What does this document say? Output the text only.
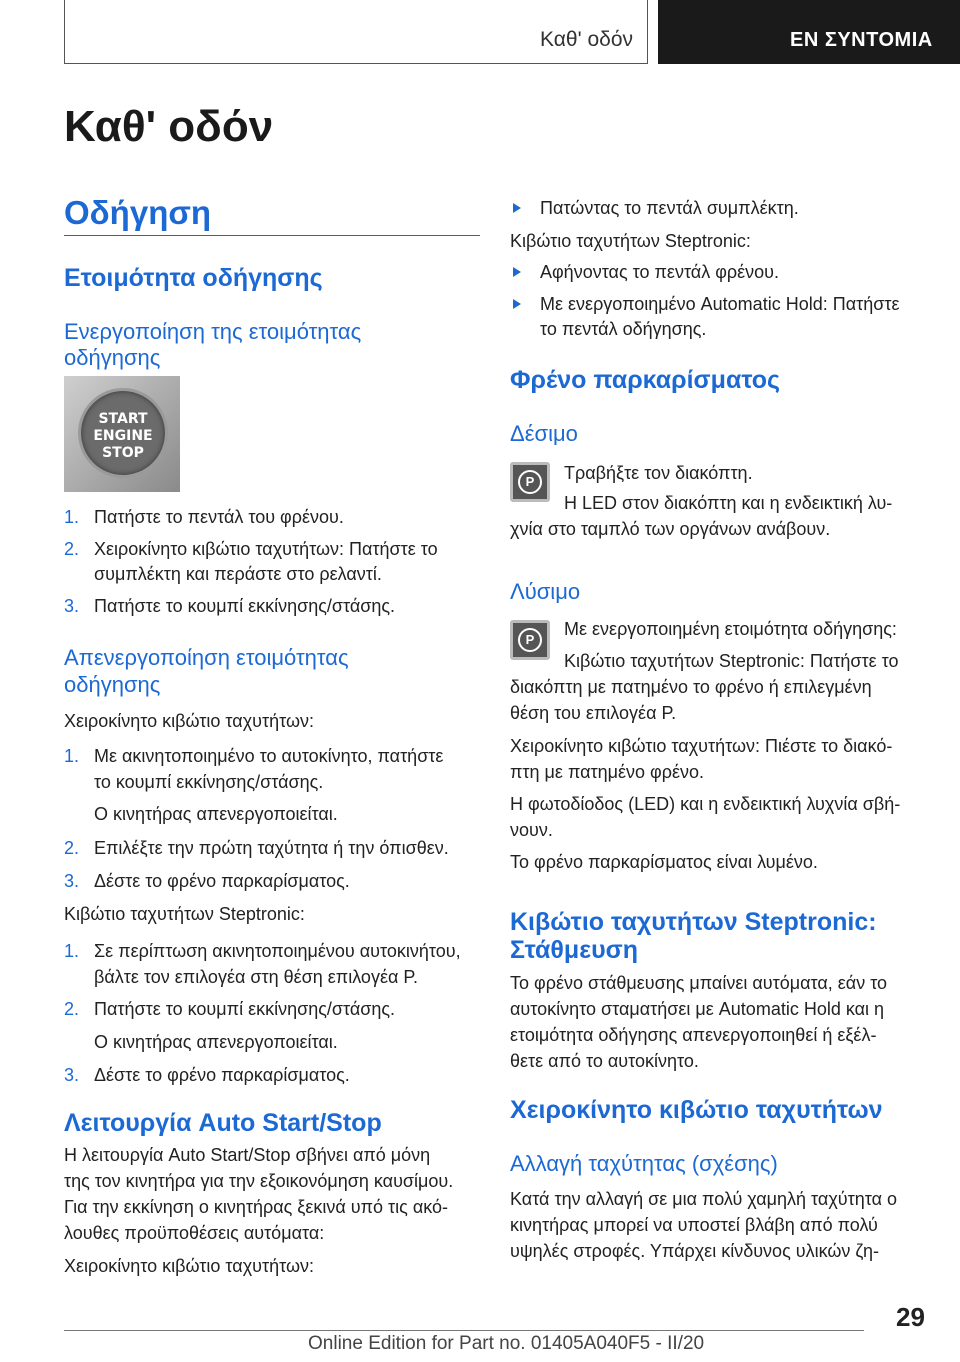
Καθ' οδόν	ΕΝ ΣΥΝΤΟΜΙΑ
Καθ' οδόν
Οδήγηση
Ετοιμότητα οδήγησης
Ενεργοποίηση της ετοιμότητας
οδήγησης
START
ENGINE
STOP
1. Πατήστε το πεντάλ του φρένου.
2. Χειροκίνητο κιβώτιο ταχυτήτων: Πατήστε το
συμπλέκτη και περάστε στο ρελαντί.
3. Πατήστε το κουμπί εκκίνησης/στάσης.
Απενεργοποίηση ετοιμότητας
οδήγησης
Χειροκίνητο κιβώτιο ταχυτήτων:
1. Με ακινητοποιημένο το αυτοκίνητο, πατήστε
το κουμπί εκκίνησης/στάσης.
Ο κινητήρας απενεργοποιείται.
2. Επιλέξτε την πρώτη ταχύτητα ή την όπισθεν.
3. Δέστε το φρένο παρκαρίσματος.
Κιβώτιο ταχυτήτων Steptronic:
1. Σε περίπτωση ακινητοποιημένου αυτοκινήτου,
βάλτε τον επιλογέα στη θέση επιλογέα P.
2. Πατήστε το κουμπί εκκίνησης/στάσης.
Ο κινητήρας απενεργοποιείται.
3. Δέστε το φρένο παρκαρίσματος.
Λειτουργία Auto Start/Stop
Η λειτουργία Auto Start/Stop σβήνει από μόνη
της τον κινητήρα για την εξοικονόμηση καυσίμου.
Για την εκκίνηση ο κινητήρας ξεκινά υπό τις ακό-
λουθες προϋποθέσεις αυτόματα:
Χειροκίνητο κιβώτιο ταχυτήτων:
Πατώντας το πεντάλ συμπλέκτη.
Κιβώτιο ταχυτήτων Steptronic:
Αφήνοντας το πεντάλ φρένου.
Με ενεργοποιημένο Automatic Hold: Πατήστε
το πεντάλ οδήγησης.
Φρένο παρκαρίσματος
Δέσιμο
P	Τραβήξτε τον διακόπτη.
Η LED στον διακόπτη και η ενδεικτική λυ-
χνία στο ταμπλό των οργάνων ανάβουν.
Λύσιμο
P
Με ενεργοποιημένη ετοιμότητα οδήγησης:
Κιβώτιο ταχυτήτων Steptronic: Πατήστε το
διακόπτη με πατημένο το φρένο ή επιλεγμένη
θέση του επιλογέα P.
Χειροκίνητο κιβώτιο ταχυτήτων: Πιέστε το διακό-
πτη με πατημένο φρένο.
Η φωτοδίοδος (LED) και η ενδεικτική λυχνία σβή-
νουν.
Το φρένο παρκαρίσματος είναι λυμένο.
Κιβώτιο ταχυτήτων Steptronic:
Στάθμευση
Το φρένο στάθμευσης μπαίνει αυτόματα, εάν το
αυτοκίνητο σταματήσει με Automatic Hold και η
ετοιμότητα οδήγησης απενεργοποιηθεί ή εξέλ-
θετε από το αυτοκίνητο.
Χειροκίνητο κιβώτιο ταχυτήτων
Αλλαγή ταχύτητας (σχέσης)
Κατά την αλλαγή σε μια πολύ χαμηλή ταχύτητα ο
κινητήρας μπορεί να υποστεί βλάβη από πολύ
υψηλές στροφές. Υπάρχει κίνδυνος υλικών ζη-
29
Online Edition for Part no. 01405A040F5 - II/20
